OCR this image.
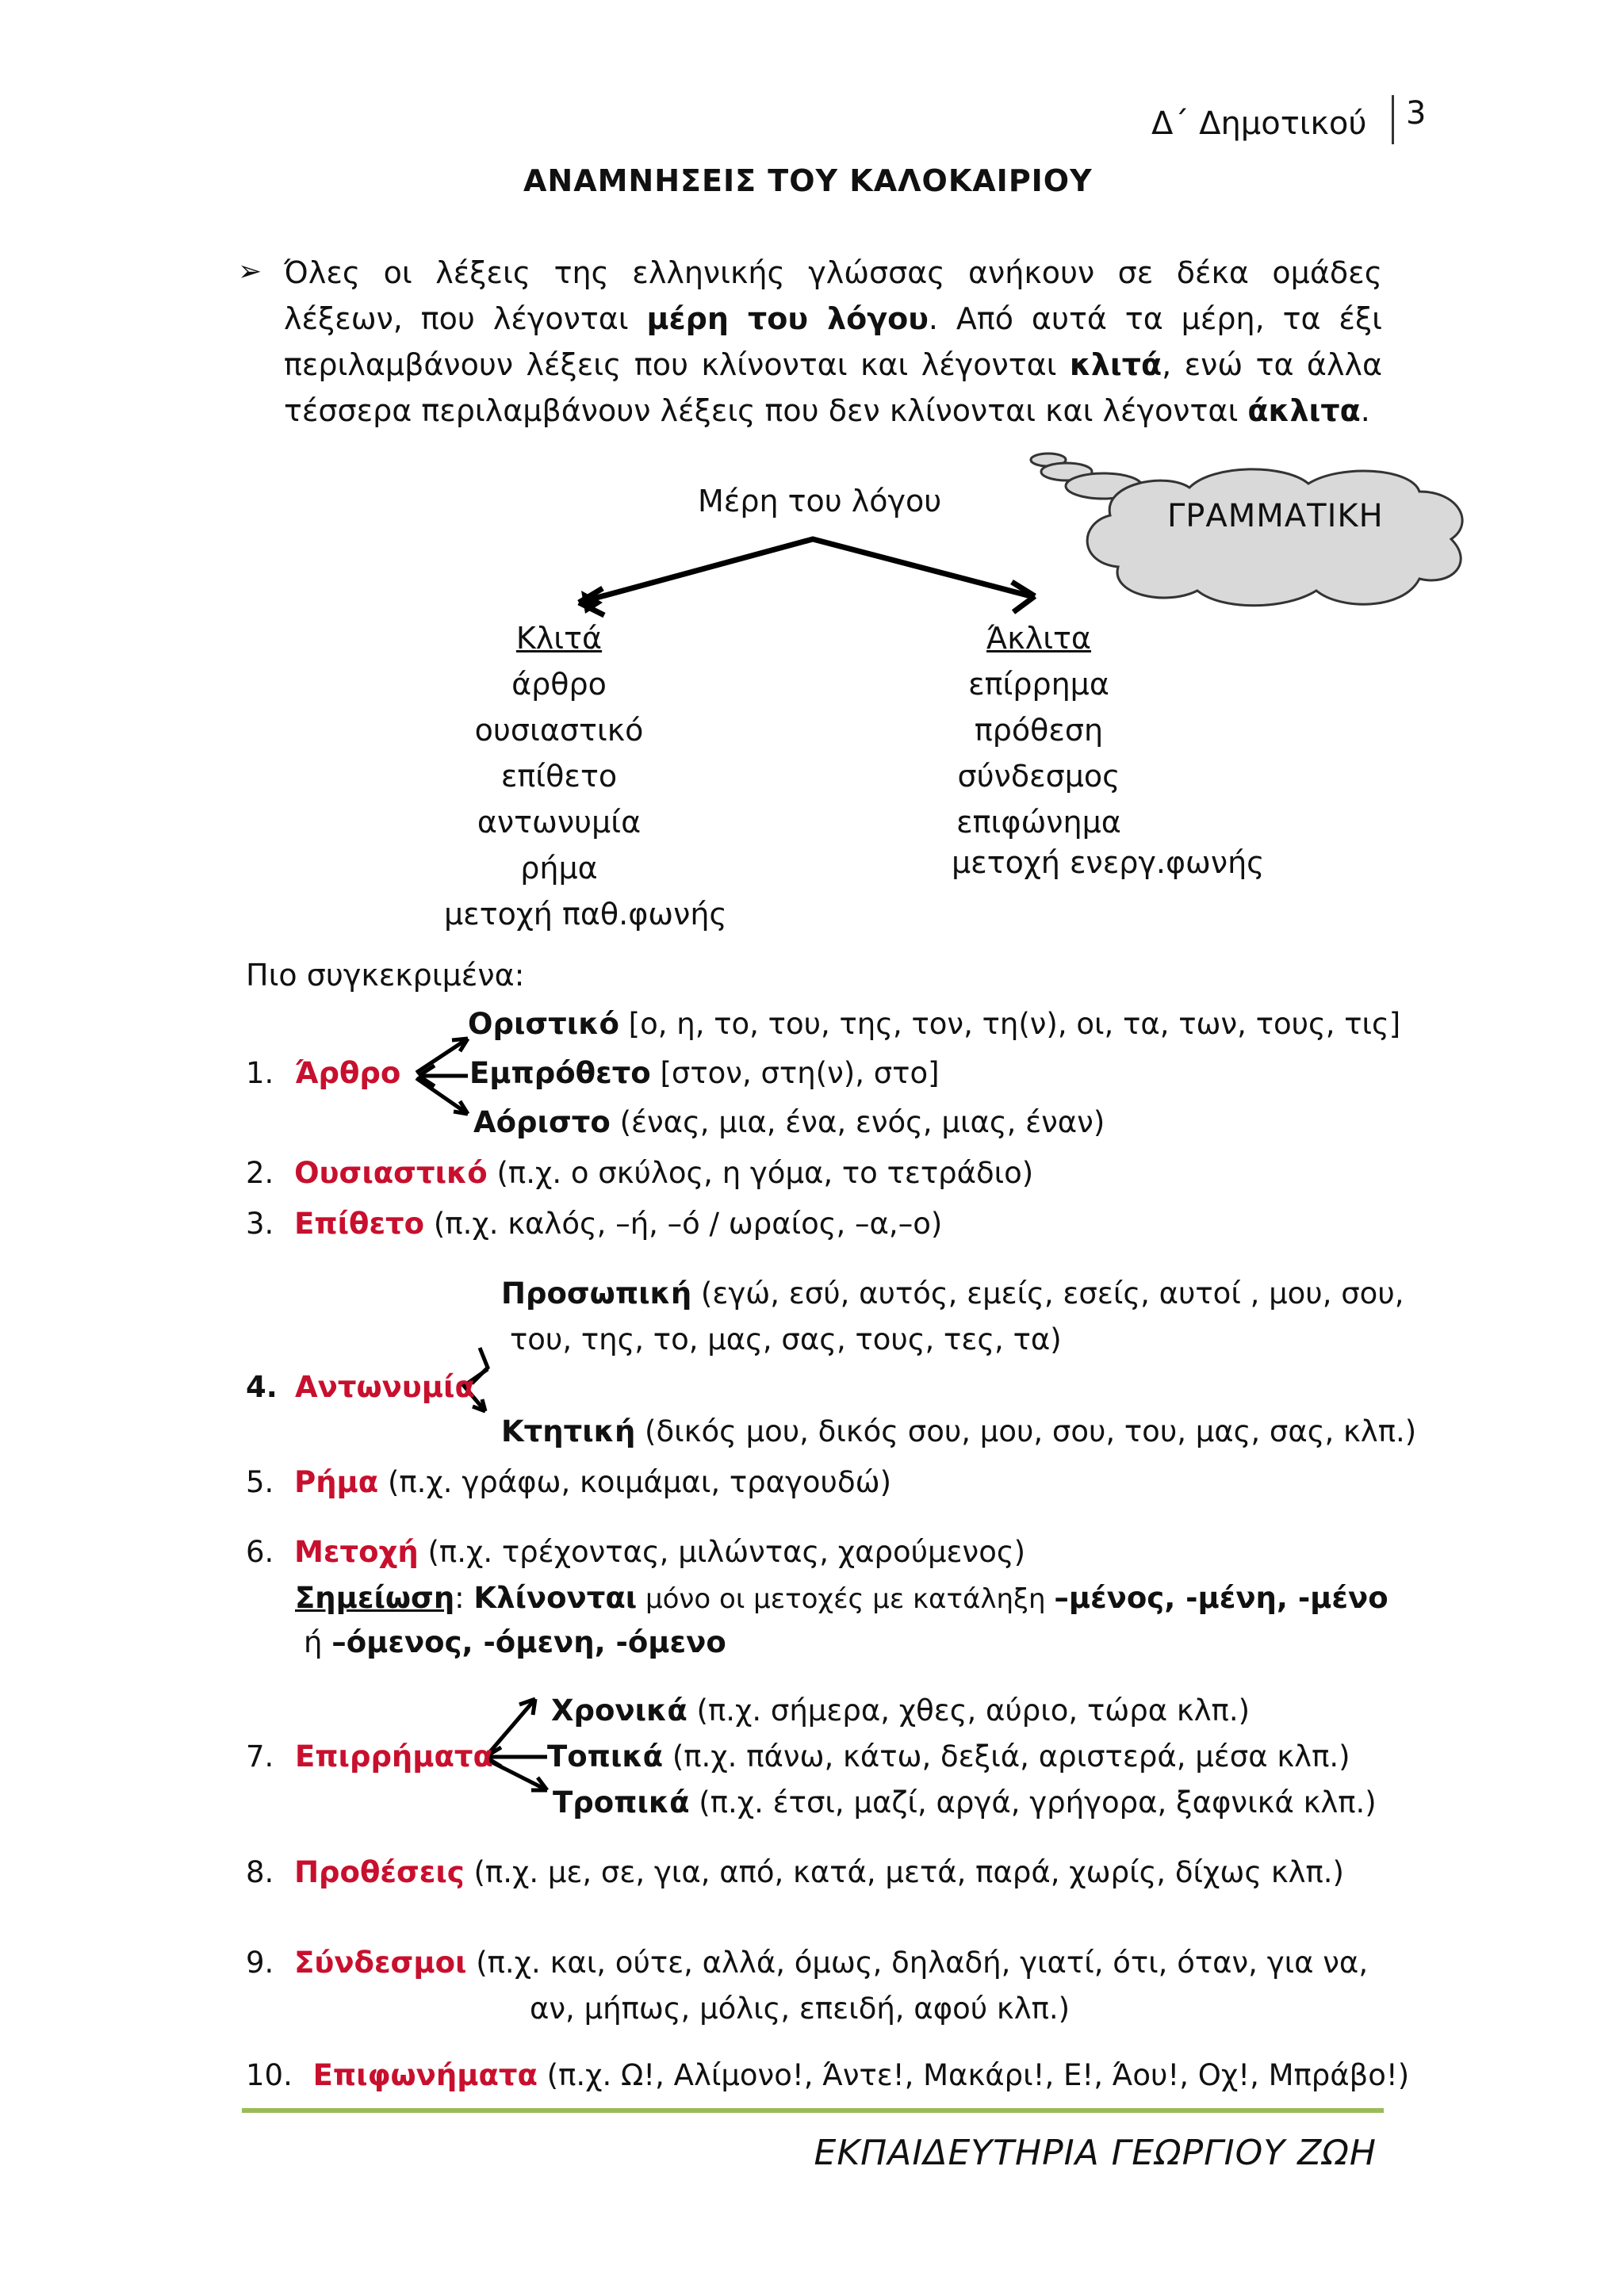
Δ΄ Δημοτικού 3
ΑΝΑΜΝΗΣΕΙΣ ΤΟΥ ΚΑΛΟΚΑΙΡΙΟΥ
➢ Όλες οι λέξεις της ελληνικής γλώσσας ανήκουν σε δέκα ομάδες λέξεων, που λέγονται μέρη του λόγου. Από αυτά τα μέρη, τα έξι περιλαμβάνουν λέξεις που κλίνονται και λέγονται κλιτά, ενώ τα άλλα τέσσερα περιλαμβάνουν λέξεις που δεν κλίνονται και λέγονται άκλιτα.

ΓΡΑΜΜΑΤΙΚΗ
Μέρη του λόγου
Κλιτά
άρθρο
ουσιαστικό
επίθετο
αντωνυμία
ρήμα
μετοχή παθ.φωνής
Άκλιτα
επίρρημα
πρόθεση
σύνδεσμος
επιφώνημα
μετοχή ενεργ.φωνής
Πιο συγκεκριμένα:
Οριστικό [ο, η, το, του, της, τον, τη(ν), οι, τα, των, τους, τις]
1. Άρθρο Εμπρόθετο [στον, στη(ν), στο]
Αόριστο (ένας, μια, ένα, ενός, μιας, έναν)
2. Ουσιαστικό (π.χ. ο σκύλος, η γόμα, το τετράδιο)
3. Επίθετο (π.χ. καλός, –ή, –ό / ωραίος, –α,–ο)
Προσωπική (εγώ, εσύ, αυτός, εμείς, εσείς, αυτοί , μου, σου,
του, της, το, μας, σας, τους, τες, τα)
4. Αντωνυμία
Κτητική (δικός μου, δικός σου, μου, σου, του, μας, σας, κλπ.)
5. Ρήμα (π.χ. γράφω, κοιμάμαι, τραγουδώ)
6. Μετοχή (π.χ. τρέχοντας, μιλώντας, χαρούμενος)
Σημείωση: Κλίνονται μόνο οι μετοχές με κατάληξη –μένος, -μένη, -μένο
ή –όμενος, -όμενη, -όμενο
Χρονικά (π.χ. σήμερα, χθες, αύριο, τώρα κλπ.)
7. Επιρρήματα Τοπικά (π.χ. πάνω, κάτω, δεξιά, αριστερά, μέσα κλπ.)
Τροπικά (π.χ. έτσι, μαζί, αργά, γρήγορα, ξαφνικά κλπ.)
8. Προθέσεις (π.χ. με, σε, για, από, κατά, μετά, παρά, χωρίς, δίχως κλπ.)
9. Σύνδεσμοι (π.χ. και, ούτε, αλλά, όμως, δηλαδή, γιατί, ότι, όταν, για να,
αν, μήπως, μόλις, επειδή, αφού κλπ.)
10. Επιφωνήματα (π.χ. Ω!, Αλίμονο!, Άντε!, Μακάρι!, Ε!, Άου!, Οχ!, Μπράβο!)
ΕΚΠΑΙΔΕΥΤΗΡΙΑ ΓΕΩΡΓΙΟΥ ΖΩΗ
